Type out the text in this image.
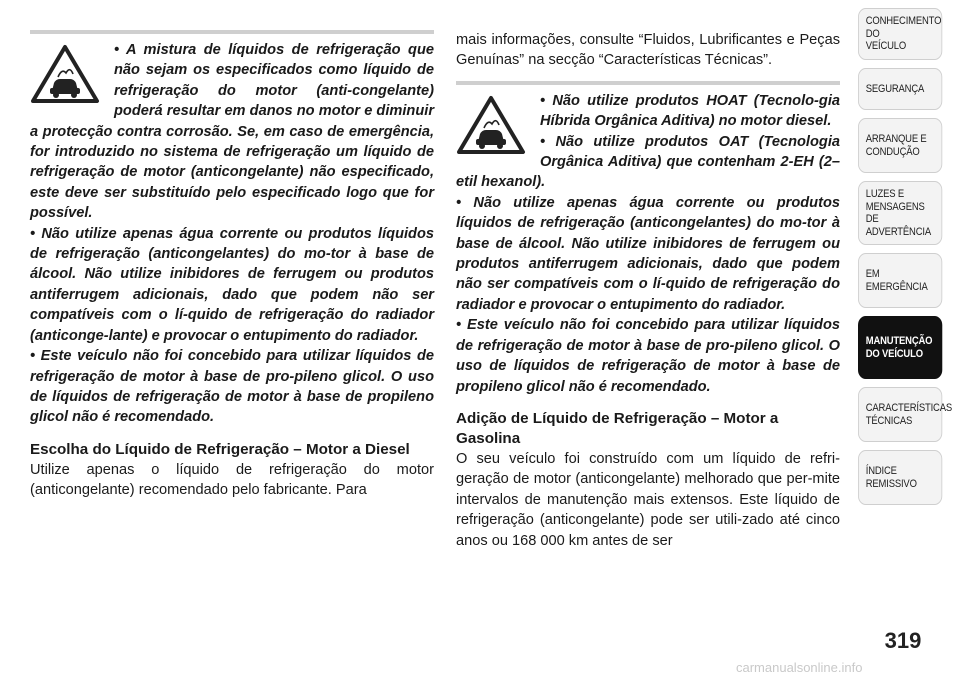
• A mistura de líquidos de refrigeração que não sejam os especificados como líquido de refrigeração do motor (anti-congelante) poderá resultar em danos no motor e diminuir a protecção contra corrosão. Se, em caso de emergência, for introduzido no sistema de refrigeração um líquido de refrigeração de motor (anticongelante) não especificado, este deve ser substituído pelo especificado logo que for possível.

• Não utilize apenas água corrente ou produtos líquidos de refrigeração (anticongelantes) do mo-tor à base de álcool. Não utilize inibidores de ferrugem ou produtos antiferrugem adicionais, dado que podem não ser compatíveis com o lí-quido de refrigeração do radiador (anticonge-lante) e provocar o entupimento do radiador.

• Este veículo não foi concebido para utilizar líquidos de refrigeração de motor à base de pro-pileno glicol. O uso de líquidos de refrigeração de motor à base de propileno glicol não é recomendado.

Escolha do Líquido de Refrigeração – Motor a Diesel

Utilize apenas o líquido de refrigeração do motor (anticongelante) recomendado pelo fabricante. Para

mais informações, consulte “Fluidos, Lubrificantes e Peças Genuínas” na secção “Características Técnicas”.

• Não utilize produtos HOAT (Tecnolo-gia Híbrida Orgânica Aditiva) no motor diesel.

• Não utilize produtos OAT (Tecnologia Orgânica Aditiva) que contenham 2-EH (2–etil hexanol).

• Não utilize apenas água corrente ou produtos líquidos de refrigeração (anticongelantes) do mo-tor à base de álcool. Não utilize inibidores de ferrugem ou produtos antiferrugem adicionais, dado que podem não ser compatíveis com o lí-quido de refrigeração do radiador e provocar o entupimento do radiador.

• Este veículo não foi concebido para utilizar líquidos de refrigeração de motor à base de pro-pileno glicol. O uso de líquidos de refrigeração de motor à base de propileno glicol não é recomendado.

Adição de Líquido de Refrigeração – Motor a Gasolina

O seu veículo foi construído com um líquido de refri-geração de motor (anticongelante) melhorado que per-mite intervalos de manutenção mais extensos. Este líquido de refrigeração (anticongelante) pode ser utili-zado até cinco anos ou 168 000 km antes de ser

CONHECIMENTO
DO
VEÍCULO
SEGURANÇA
ARRANQUE E
CONDUÇÃO
LUZES E
MENSAGENS
DE
ADVERTÊNCIA
EM
EMERGÊNCIA
MANUTENÇÃO
DO VEÍCULO
CARACTERÍSTICAS
TÉCNICAS
ÍNDICE
REMISSIVO
319
carmanualsonline.info
